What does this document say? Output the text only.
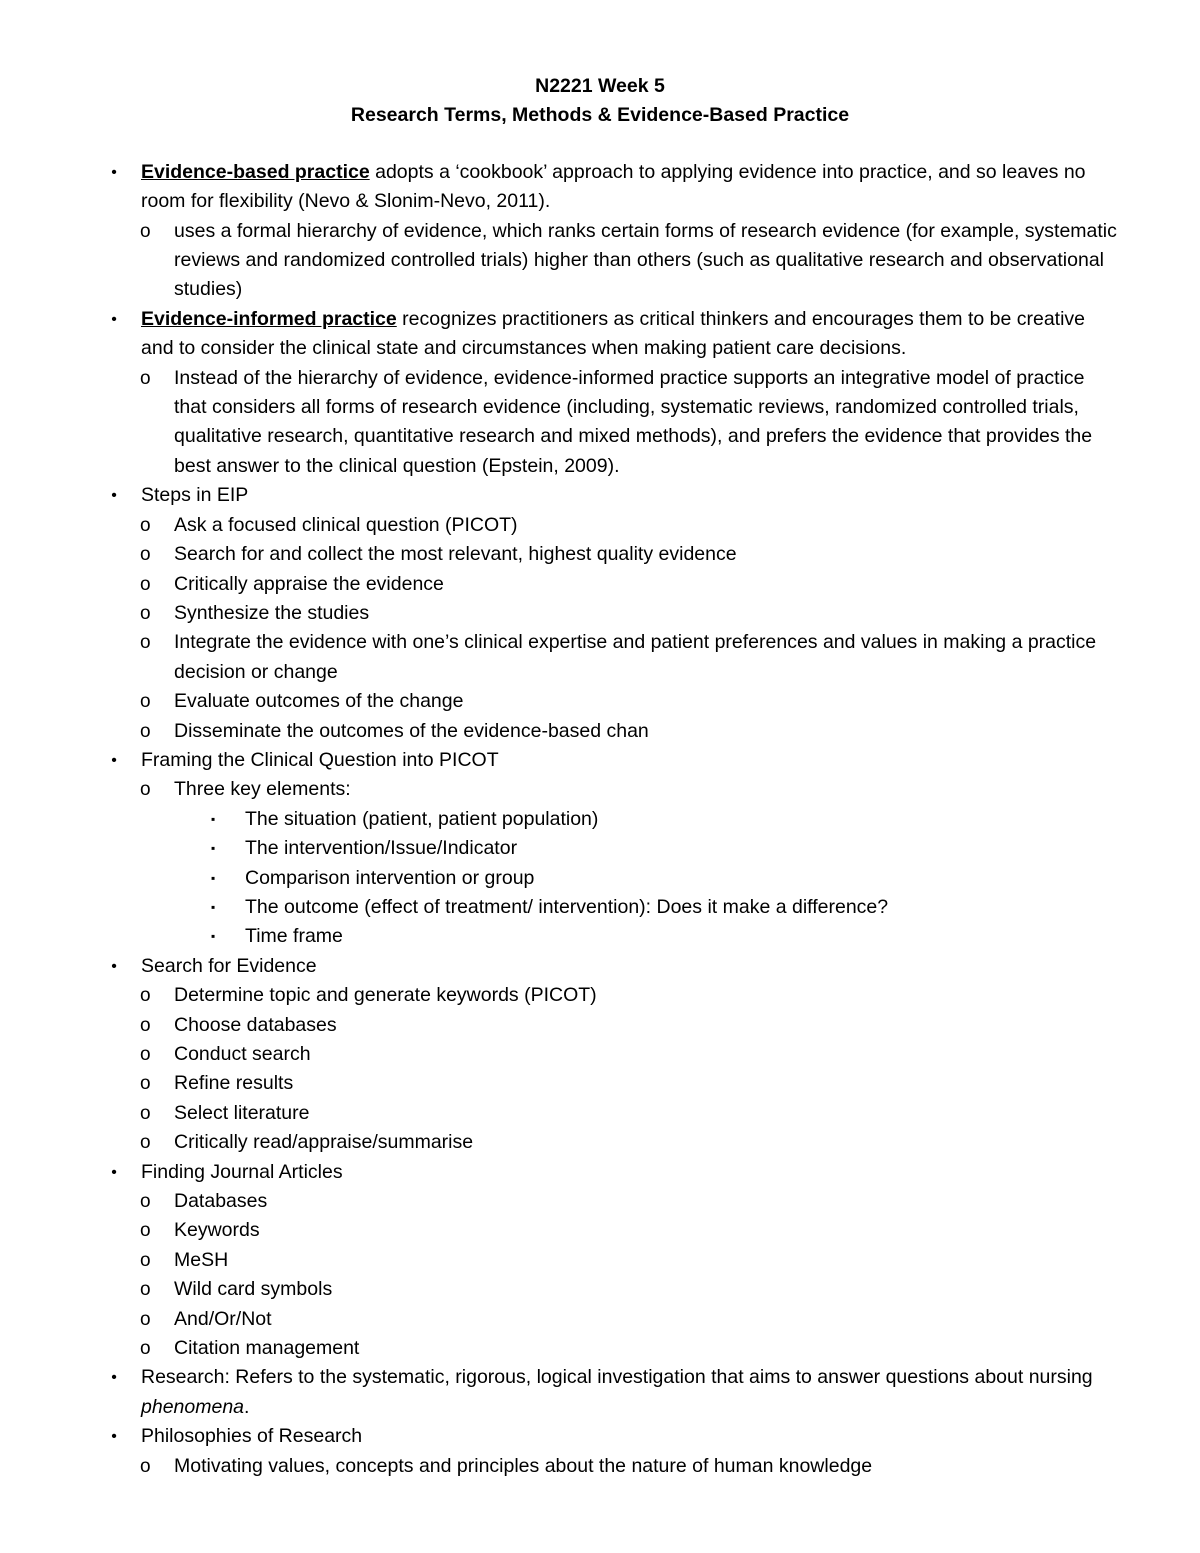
N2221 Week 5
Research Terms, Methods & Evidence-Based Practice
•	Evidence-based practice adopts a ‘cookbook’ approach to applying evidence into practice, and so leaves no room for flexibility (Nevo & Slonim-Nevo, 2011).
o uses a formal hierarchy of evidence, which ranks certain forms of research evidence (for example, systematic reviews and randomized controlled trials) higher than others (such as qualitative research and observational studies)
•	Evidence-informed practice recognizes practitioners as critical thinkers and encourages them to be creative and to consider the clinical state and circumstances when making patient care decisions.
o Instead of the hierarchy of evidence, evidence-informed practice supports an integrative model of practice that considers all forms of research evidence (including, systematic reviews, randomized controlled trials, qualitative research, quantitative research and mixed methods), and prefers the evidence that provides the best answer to the clinical question (Epstein, 2009).
•	Steps in EIP
o Ask a focused clinical question (PICOT)
o Search for and collect the most relevant, highest quality evidence
o Critically appraise the evidence
o Synthesize the studies
o Integrate the evidence with one’s clinical expertise and patient preferences and values in making a practice decision or change
o Evaluate outcomes of the change
o Disseminate the outcomes of the evidence-based chan
•	Framing the Clinical Question into PICOT
o Three key elements:
▪ The situation (patient, patient population)
▪ The intervention/Issue/Indicator
▪ Comparison intervention or group
▪ The outcome (effect of treatment/ intervention): Does it make a difference?
▪ Time frame
•	Search for Evidence
o Determine topic and generate keywords (PICOT)
o Choose databases
o Conduct search
o Refine results
o Select literature
o Critically read/appraise/summarise
•	Finding Journal Articles
o Databases
o Keywords
o MeSH
o Wild card symbols
o And/Or/Not
o Citation management
•	Research: Refers to the systematic, rigorous, logical investigation that aims to answer questions about nursing phenomena.
•	Philosophies of Research
o Motivating values, concepts and principles about the nature of human knowledge
